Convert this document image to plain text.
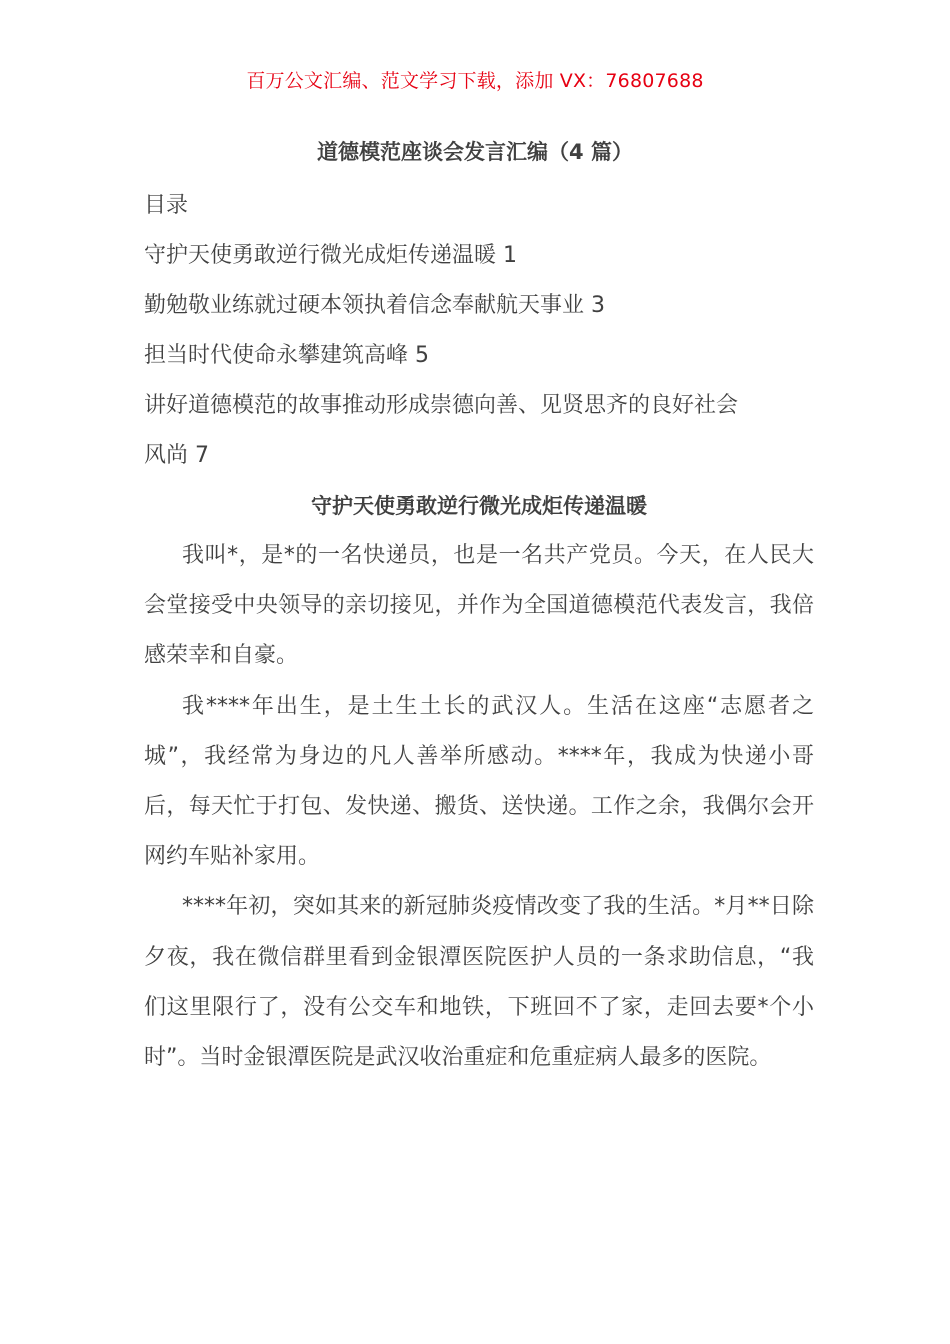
百万公文汇编、范文学习下载，添加 VX：76807688
道德模范座谈会发言汇编（4 篇）
目录
守护天使勇敢逆行微光成炬传递温暖 1
勤勉敬业练就过硬本领执着信念奉献航天事业 3
担当时代使命永攀建筑高峰 5
讲好道德模范的故事推动形成崇德向善、见贤思齐的良好社会
风尚 7
守护天使勇敢逆行微光成炬传递温暖

我叫*，是*的一名快递员，也是一名共产党员。今天，在人民大会堂接受中央领导的亲切接见，并作为全国道德模范代表发言，我倍感荣幸和自豪。

我****年出生，是土生土长的武汉人。生活在这座“志愿者之城”，我经常为身边的凡人善举所感动。****年，我成为快递小哥后，每天忙于打包、发快递、搬货、送快递。工作之余，我偶尔会开网约车贴补家用。

****年初，突如其来的新冠肺炎疫情改变了我的生活。*月**日除夕夜，我在微信群里看到金银潭医院医护人员的一条求助信息，“我们这里限行了，没有公交车和地铁，下班回不了家，走回去要*个小时”。当时金银潭医院是武汉收治重症和危重症病人最多的医院。
